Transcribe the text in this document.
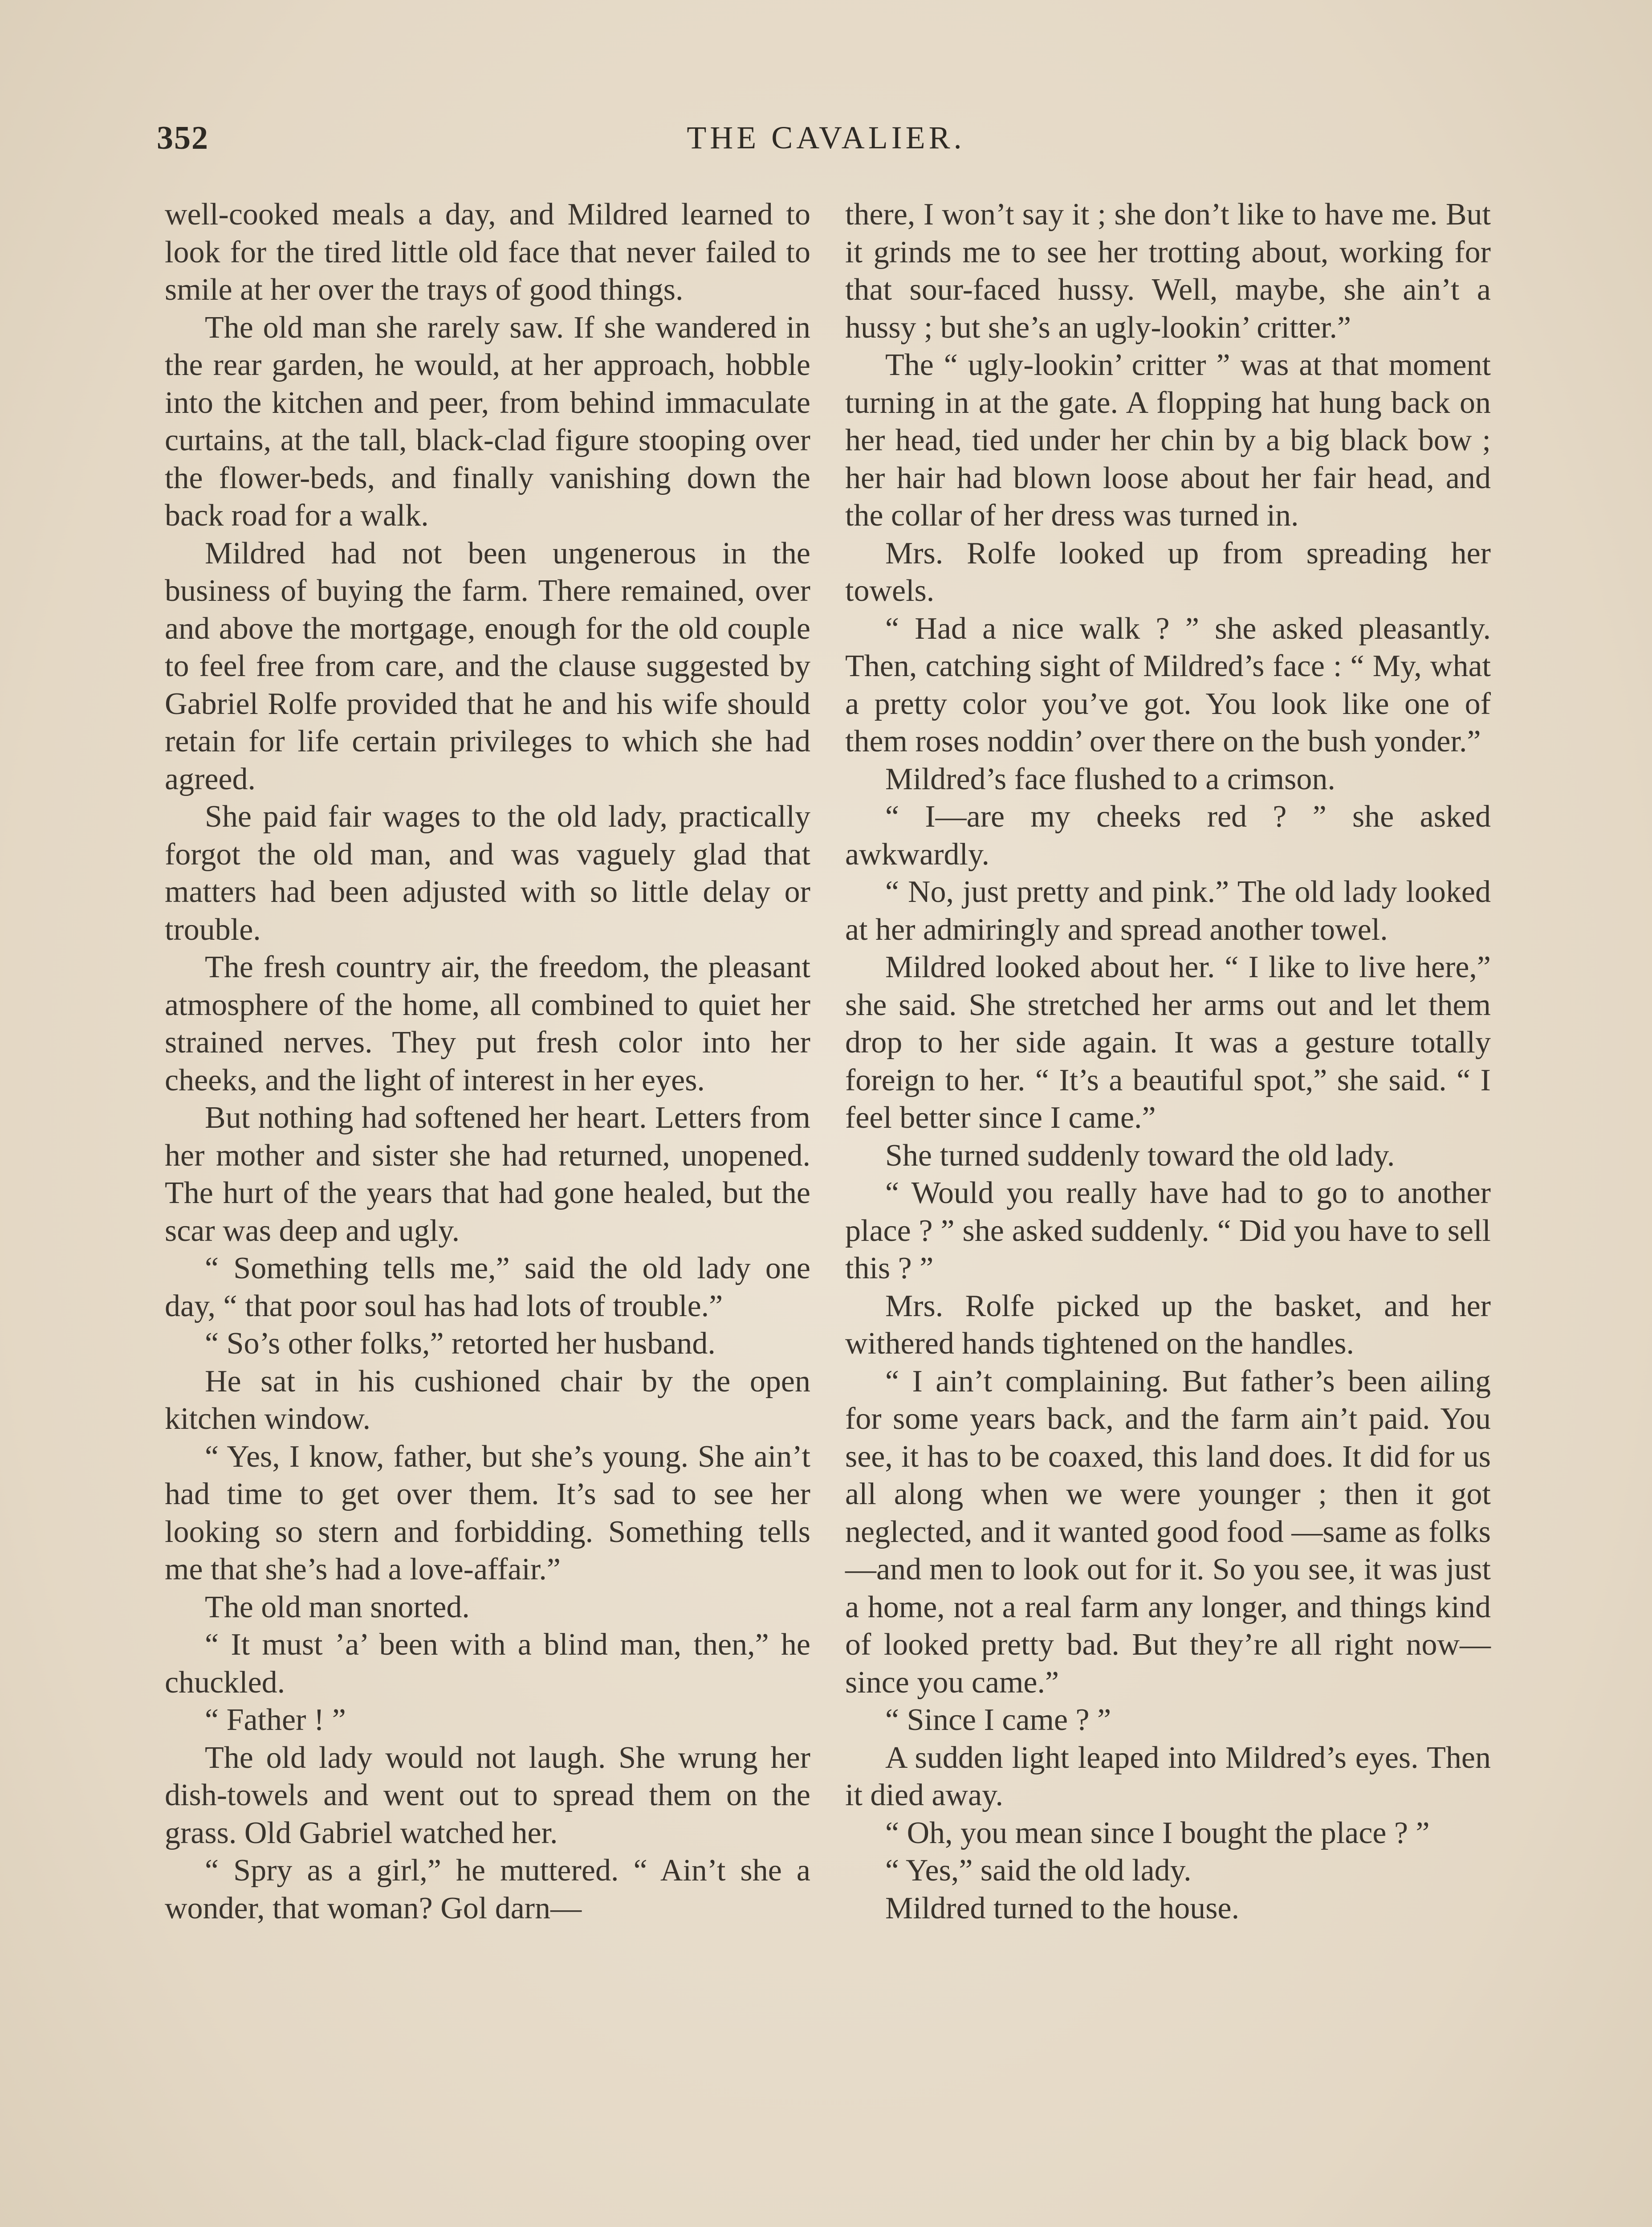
352	THE CAVALIER.

well-cooked meals a day, and Mildred learned to look for the tired little old face that never failed to smile at her over the trays of good things.

The old man she rarely saw. If she wandered in the rear garden, he would, at her approach, hobble into the kitchen and peer, from behind immaculate curtains, at the tall, black-clad figure stooping over the flower-beds, and finally vanishing down the back road for a walk.

Mildred had not been ungenerous in the business of buying the farm. There remained, over and above the mortgage, enough for the old couple to feel free from care, and the clause suggested by Gabriel Rolfe provided that he and his wife should retain for life certain privileges to which she had agreed.

She paid fair wages to the old lady, practically forgot the old man, and was vaguely glad that matters had been adjusted with so little delay or trouble.

The fresh country air, the freedom, the pleasant atmosphere of the home, all combined to quiet her strained nerves. They put fresh color into her cheeks, and the light of interest in her eyes.

But nothing had softened her heart. Letters from her mother and sister she had returned, unopened. The hurt of the years that had gone healed, but the scar was deep and ugly.

“ Something tells me,” said the old lady one day, “ that poor soul has had lots of trouble.”

“ So’s other folks,” retorted her husband.

He sat in his cushioned chair by the open kitchen window.

“ Yes, I know, father, but she’s young. She ain’t had time to get over them. It’s sad to see her looking so stern and forbidding. Something tells me that she’s had a love-affair.”

The old man snorted.

“ It must ’a’ been with a blind man, then,” he chuckled.

“ Father ! ”

The old lady would not laugh. She wrung her dish-towels and went out to spread them on the grass. Old Gabriel watched her.

“ Spry as a girl,” he muttered. “ Ain’t she a wonder, that woman? Gol darn—

there, I won’t say it ; she don’t like to have me. But it grinds me to see her trotting about, working for that sour-faced hussy. Well, maybe, she ain’t a hussy ; but she’s an ugly-lookin’ critter.”

The “ ugly-lookin’ critter ” was at that moment turning in at the gate. A flopping hat hung back on her head, tied under her chin by a big black bow ; her hair had blown loose about her fair head, and the collar of her dress was turned in.

Mrs. Rolfe looked up from spreading her towels.

“ Had a nice walk ? ” she asked pleasantly. Then, catching sight of Mildred’s face : “ My, what a pretty color you’ve got. You look like one of them roses noddin’ over there on the bush yonder.”

Mildred’s face flushed to a crimson.

“ I—are my cheeks red ? ” she asked awkwardly.

“ No, just pretty and pink.” The old lady looked at her admiringly and spread another towel.

Mildred looked about her. “ I like to live here,” she said. She stretched her arms out and let them drop to her side again. It was a gesture totally foreign to her. “ It’s a beautiful spot,” she said. “ I feel better since I came.”

She turned suddenly toward the old lady.

“ Would you really have had to go to another place ? ” she asked suddenly. “ Did you have to sell this ? ”

Mrs. Rolfe picked up the basket, and her withered hands tightened on the handles.

“ I ain’t complaining. But father’s been ailing for some years back, and the farm ain’t paid. You see, it has to be coaxed, this land does. It did for us all along when we were younger ; then it got neglected, and it wanted good food —same as folks—and men to look out for it. So you see, it was just a home, not a real farm any longer, and things kind of looked pretty bad. But they’re all right now—since you came.”

“ Since I came ? ”

A sudden light leaped into Mildred’s eyes. Then it died away.

“ Oh, you mean since I bought the place ? ”

“ Yes,” said the old lady.

Mildred turned to the house.
